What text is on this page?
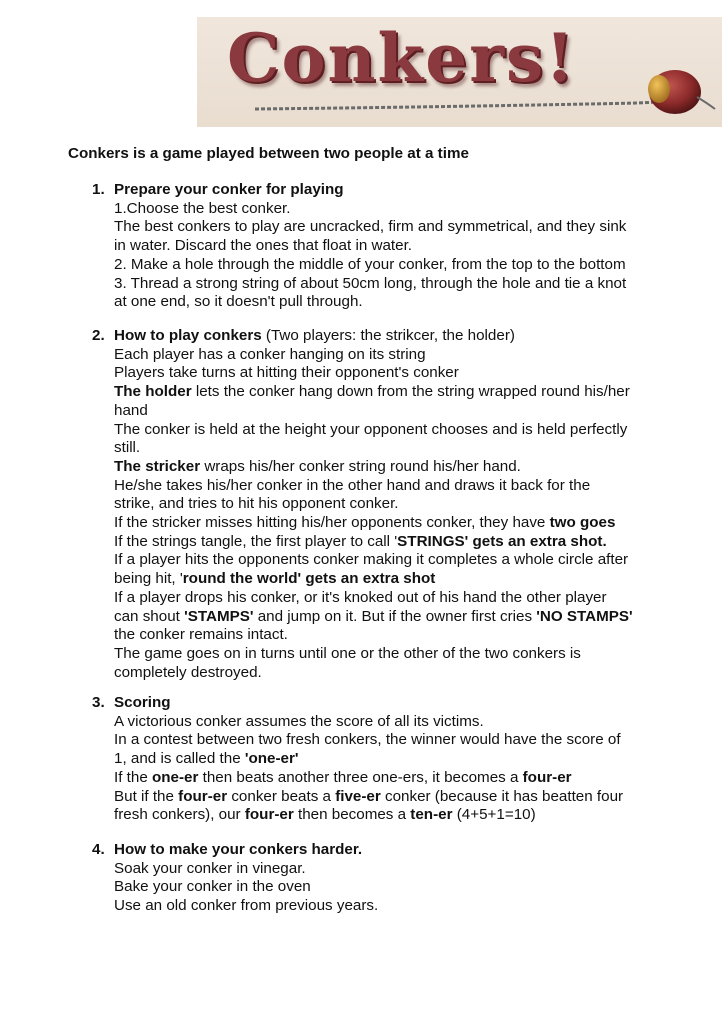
Conkers!
Conkers is a game played between two people at a time
1. Prepare your conker for playing
1.Choose the best conker.
The best conkers to play are uncracked, firm and symmetrical, and they sink
in water. Discard the ones that float in water.
2. Make a hole through the middle of your conker, from the top to the bottom
3. Thread a strong string of about 50cm long, through the hole and tie a knot
at one end, so it doesn't pull through.
2. How to play conkers (Two players: the strikcer, the holder)
Each player has a conker hanging on its string
Players take turns at hitting their opponent's conker
The holder lets the conker hang down from the string wrapped round his/her
hand
The conker is held at the height your opponent chooses and is held perfectly
still.
The stricker wraps his/her conker string round his/her hand.
He/she takes his/her conker in the other hand and draws it back for the
strike, and tries to hit his opponent conker.
If the stricker misses hitting his/her opponents conker, they have two goes
If the strings tangle, the first player to call 'STRINGS' gets an extra shot.
If a player hits the opponents conker making it completes a whole circle after
being hit, 'round the world' gets an extra shot
If a player drops his conker, or it's knoked out of his hand the other player
can shout 'STAMPS' and jump on it. But if the owner first cries 'NO STAMPS'
the conker remains intact.
The game goes on in turns until one or the other of the two conkers is
completely destroyed.
3. Scoring
A victorious conker assumes the score of all its victims.
In a contest between two fresh conkers, the winner would have the score of
1, and is called the 'one-er'
If the one-er then beats another three one-ers, it becomes a four-er
But if the four-er conker beats a five-er conker (because it has beatten four
fresh conkers), our four-er then becomes a ten-er (4+5+1=10)
4. How to make your conkers harder.
Soak your conker in vinegar.
Bake your conker in the oven
Use an old conker from previous years.
